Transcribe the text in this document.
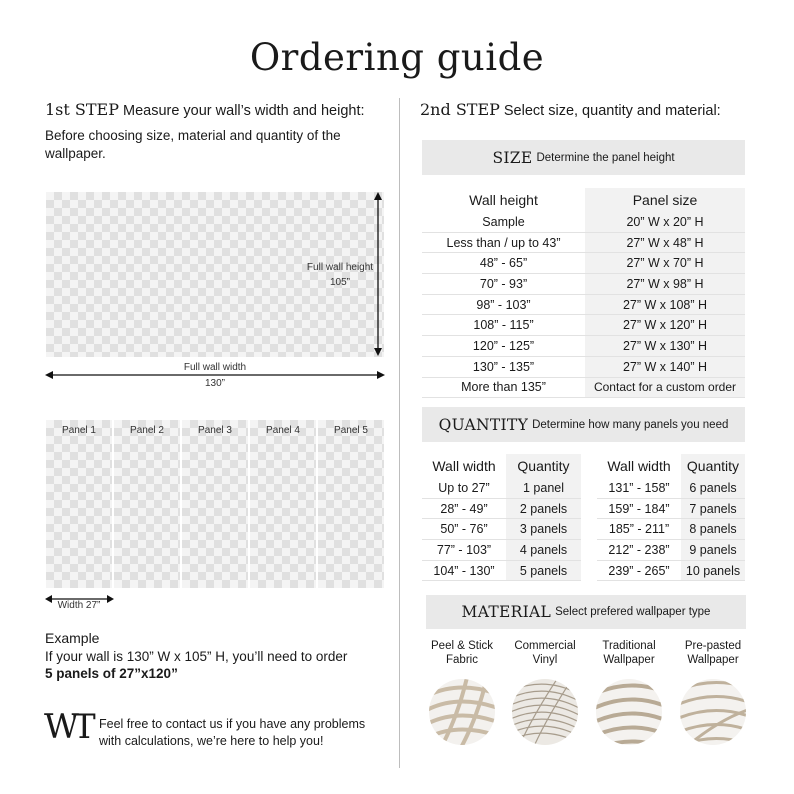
Ordering guide
1st STEP Measure your wall’s width and height:
Before choosing size, material and quantity of the wallpaper.
Full wall height
105”
Full wall width
130”
Panel 1	Panel 2	Panel 3	Panel 4	Panel 5
Width 27”
Example
If your wall is 130” W x 105” H, you’ll need to order
5 panels of 27”x120”
WT Feel free to contact us if you have any problems with calculations, we’re here to help you!
2nd STEP Select size, quantity and material:
SIZE Determine the panel height
Wall height	Panel size
Sample	20” W x 20” H
Less than / up to 43”	27” W x 48” H
48” - 65”	27” W x 70” H
70” - 93”	27” W x 98” H
98” - 103”	27” W x 108” H
108” - 115”	27” W x 120” H
120” - 125”	27” W x 130” H
130” - 135”	27” W x 140” H
More than 135”	Contact for a custom order
QUANTITY Determine how many panels you need
Wall width	Quantity		Wall width	Quantity
Up to 27”	1 panel		131” - 158”	6 panels
28” - 49”	2 panels		159” - 184”	7 panels
50” - 76”	3 panels		185” - 211”	8 panels
77” - 103”	4 panels		212” - 238”	9 panels
104” - 130”	5 panels		239” - 265”	10 panels
MATERIAL Select prefered wallpaper type
Peel & Stick
Fabric
Commercial
Vinyl
Traditional
Wallpaper
Pre-pasted
Wallpaper
